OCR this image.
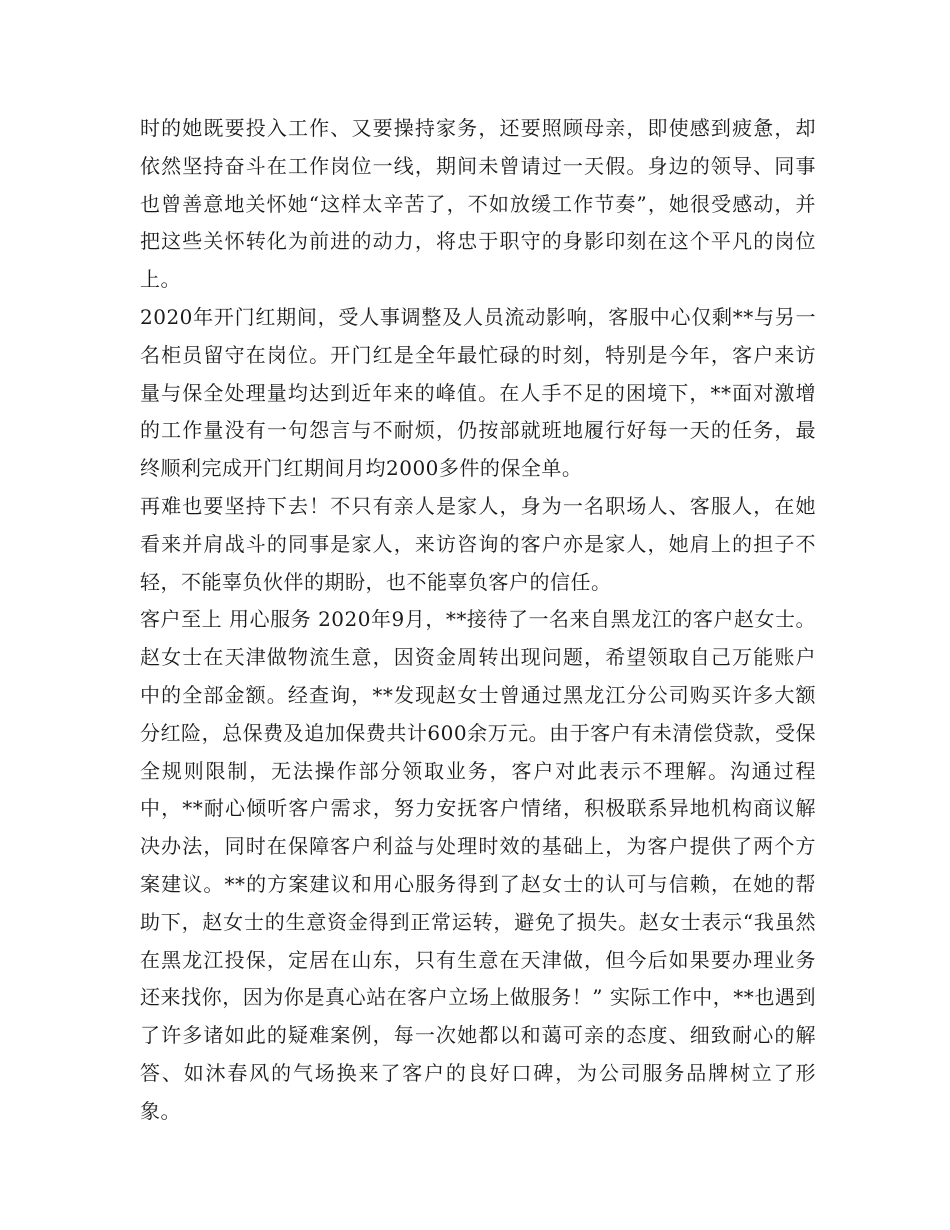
时的她既要投入工作、又要操持家务，还要照顾母亲，即使感到疲惫，却依然坚持奋斗在工作岗位一线，期间未曾请过一天假。身边的领导、同事也曾善意地关怀她“这样太辛苦了，不如放缓工作节奏”，她很受感动，并把这些关怀转化为前进的动力，将忠于职守的身影印刻在这个平凡的岗位上。

2020年开门红期间，受人事调整及人员流动影响，客服中心仅剩**与另一名柜员留守在岗位。开门红是全年最忙碌的时刻，特别是今年，客户来访量与保全处理量均达到近年来的峰值。在人手不足的困境下，**面对激增的工作量没有一句怨言与不耐烦，仍按部就班地履行好每一天的任务，最终顺利完成开门红期间月均2000多件的保全单。

再难也要坚持下去！不只有亲人是家人，身为一名职场人、客服人，在她看来并肩战斗的同事是家人，来访咨询的客户亦是家人，她肩上的担子不轻，不能辜负伙伴的期盼，也不能辜负客户的信任。

客户至上 用心服务 2020年9月，**接待了一名来自黑龙江的客户赵女士。赵女士在天津做物流生意，因资金周转出现问题，希望领取自己万能账户中的全部金额。经查询，**发现赵女士曾通过黑龙江分公司购买许多大额分红险，总保费及追加保费共计600余万元。由于客户有未清偿贷款，受保全规则限制，无法操作部分领取业务，客户对此表示不理解。沟通过程中，**耐心倾听客户需求，努力安抚客户情绪，积极联系异地机构商议解决办法，同时在保障客户利益与处理时效的基础上，为客户提供了两个方案建议。**的方案建议和用心服务得到了赵女士的认可与信赖，在她的帮助下，赵女士的生意资金得到正常运转，避免了损失。赵女士表示“我虽然在黑龙江投保，定居在山东，只有生意在天津做，但今后如果要办理业务还来找你，因为你是真心站在客户立场上做服务！” 实际工作中，**也遇到了许多诸如此的疑难案例，每一次她都以和蔼可亲的态度、细致耐心的解答、如沐春风的气场换来了客户的良好口碑，为公司服务品牌树立了形象。
